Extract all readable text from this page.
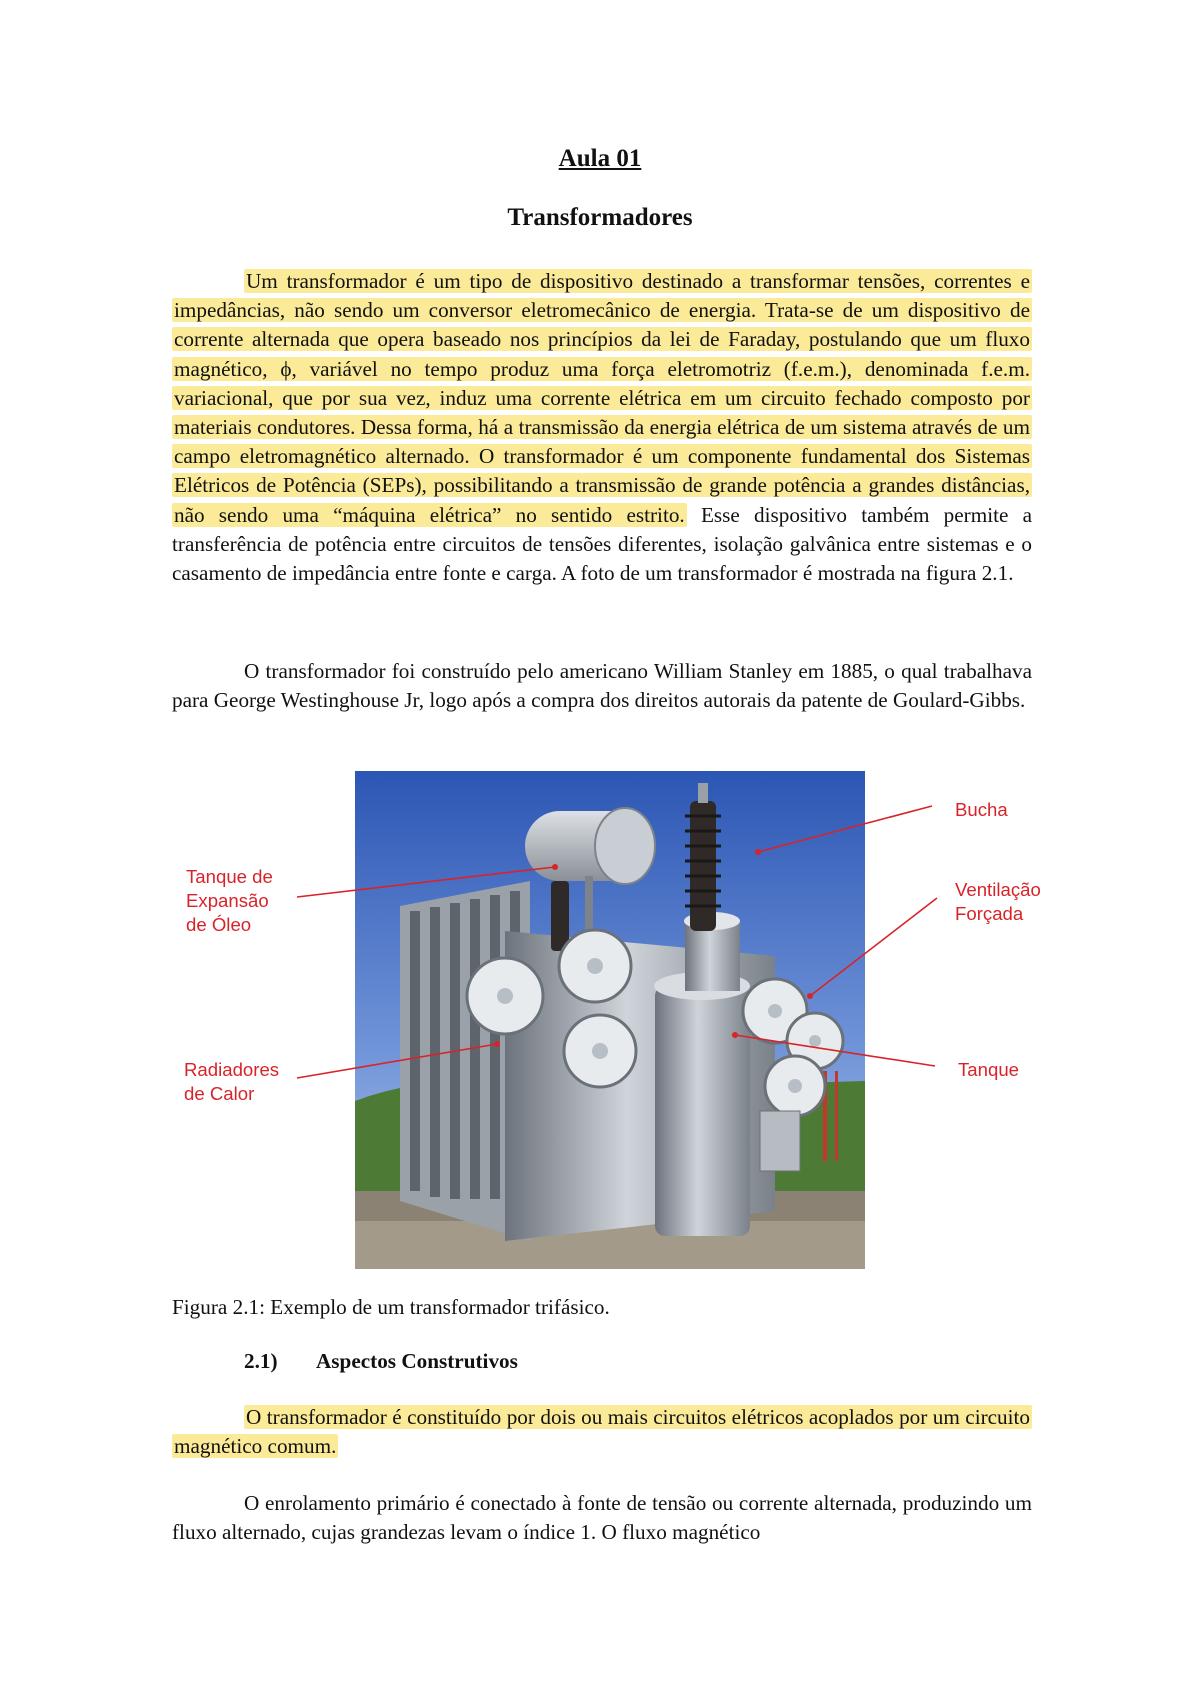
Aula 01
Transformadores

Um transformador é um tipo de dispositivo destinado a transformar tensões, correntes e impedâncias, não sendo um conversor eletromecânico de energia. Trata-se de um dispositivo de corrente alternada que opera baseado nos princípios da lei de Faraday, postulando que um fluxo magnético, ϕ, variável no tempo produz uma força eletromotriz (f.e.m.), denominada f.e.m. variacional, que por sua vez, induz uma corrente elétrica em um circuito fechado composto por materiais condutores. Dessa forma, há a transmissão da energia elétrica de um sistema através de um campo eletromagnético alternado. O transformador é um componente fundamental dos Sistemas Elétricos de Potência (SEPs), possibilitando a transmissão de grande potência a grandes distâncias, não sendo uma “máquina elétrica” no sentido estrito. Esse dispositivo também permite a transferência de potência entre circuitos de tensões diferentes, isolação galvânica entre sistemas e o casamento de impedância entre fonte e carga. A foto de um transformador é mostrada na figura 2.1.

O transformador foi construído pelo americano William Stanley em 1885, o qual trabalhava para George Westinghouse Jr, logo após a compra dos direitos autorais da patente de Goulard-Gibbs.

Bucha
Tanque de
Expansão
de Óleo
Ventilação
Forçada
Radiadores
de Calor
Tanque
Figura 2.1: Exemplo de um transformador trifásico.
2.1) Aspectos Construtivos

O transformador é constituído por dois ou mais circuitos elétricos acoplados por um circuito magnético comum.

O enrolamento primário é conectado à fonte de tensão ou corrente alternada, produzindo um fluxo alternado, cujas grandezas levam o índice 1. O fluxo magnético
